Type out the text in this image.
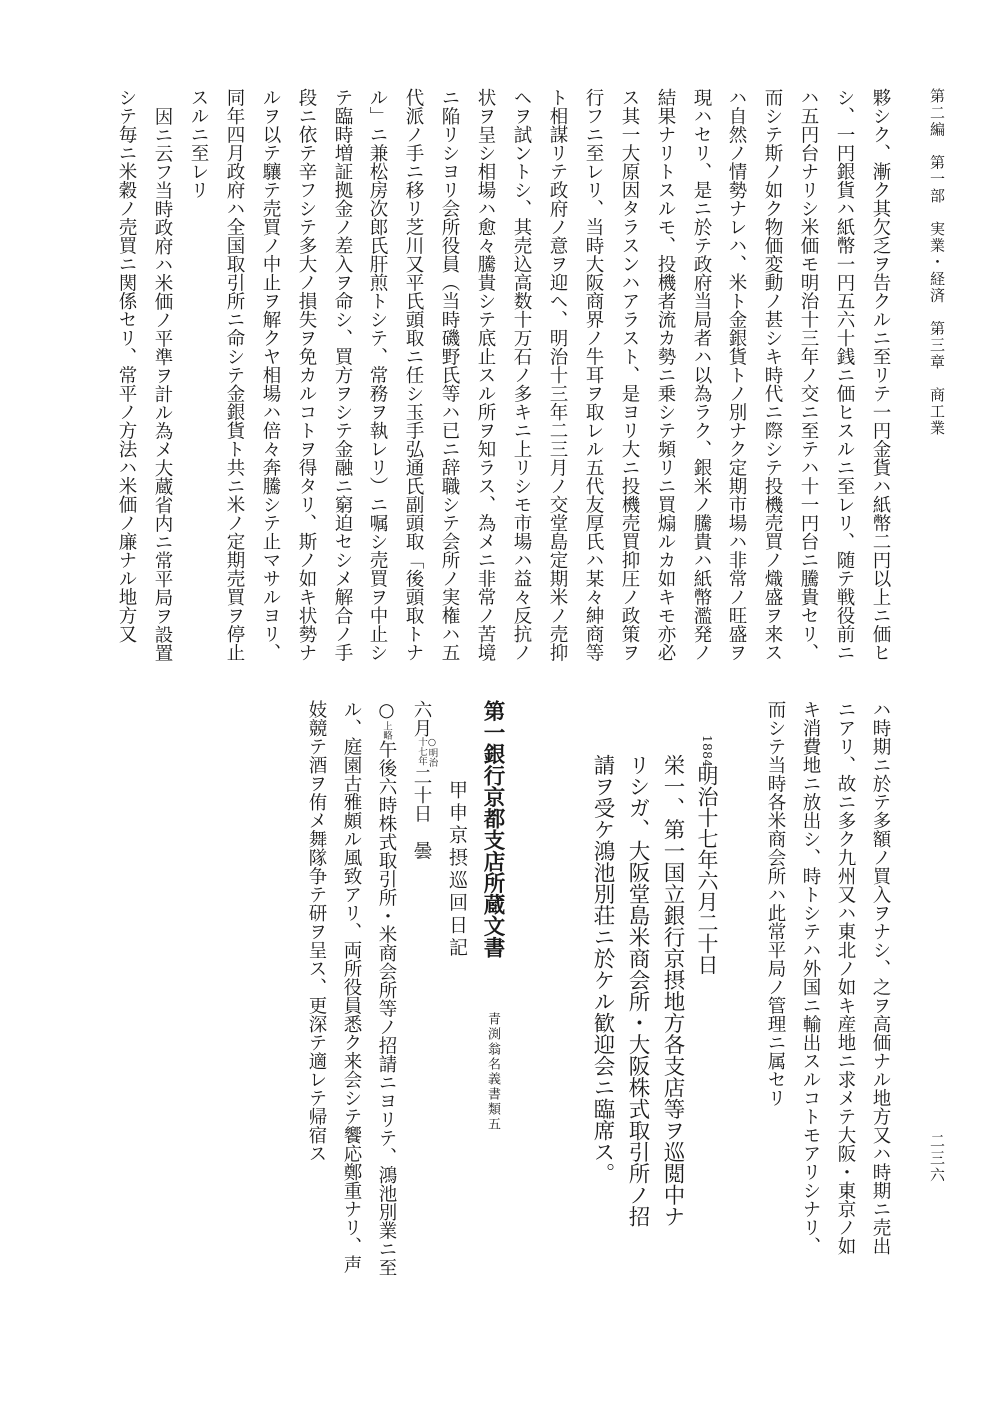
第二編　第一部　実業・経済　第三章　商工業
二三六
夥シク、漸ク其欠乏ヲ告クルニ至リテ一円金貨ハ紙幣二円以上ニ価ヒ
シ、一円銀貨ハ紙幣一円五六十銭ニ価ヒスルニ至レリ、随テ戦役前ニ
ハ五円台ナリシ米価モ明治十三年ノ交ニ至テハ十一円台ニ騰貴セリ、
而シテ斯ノ如ク物価変動ノ甚シキ時代ニ際シテ投機売買ノ熾盛ヲ来ス
ハ自然ノ情勢ナレハ、米ト金銀貨トノ別ナク定期市場ハ非常ノ旺盛ヲ
現ハセリ、是ニ於テ政府当局者ハ以為ラク、銀米ノ騰貴ハ紙幣濫発ノ
結果ナリトスルモ、投機者流カ勢ニ乗シテ頻リニ買煽ルカ如キモ亦必
ス其一大原因タラスンハアラスト、是ヨリ大ニ投機売買抑圧ノ政策ヲ
行フニ至レリ、当時大阪商界ノ牛耳ヲ取レル五代友厚氏ハ某々紳商等
ト相謀リテ政府ノ意ヲ迎ヘ、明治十三年二三月ノ交堂島定期米ノ売抑
ヘヲ試ントシ、其売込高数十万石ノ多キニ上リシモ市場ハ益々反抗ノ
状ヲ呈シ相場ハ愈々騰貴シテ底止スル所ヲ知ラス、為メニ非常ノ苦境
ニ陥リシヨリ会所役員（当時磯野氏等ハ已ニ辞職シテ会所ノ実権ハ五
代派ノ手ニ移リ芝川又平氏頭取ニ任シ玉手弘通氏副頭取「後頭取トナ
ル」ニ兼松房次郎氏肝煎トシテ、常務ヲ執レリ）ニ嘱シ売買ヲ中止シ
テ臨時増証拠金ノ差入ヲ命シ、買方ヲシテ金融ニ窮迫セシメ解合ノ手
段ニ依テ辛フシテ多大ノ損失ヲ免カルコトヲ得タリ、斯ノ如キ状勢ナ
ルヲ以テ驤テ売買ノ中止ヲ解クヤ相場ハ倍々奔騰シテ止マサルヨリ、
同年四月政府ハ全国取引所ニ命シテ金銀貨ト共ニ米ノ定期売買ヲ停止
スルニ至レリ
因ニ云フ当時政府ハ米価ノ平準ヲ計ル為メ大蔵省内ニ常平局ヲ設置
シテ毎ニ米穀ノ売買ニ関係セリ、常平ノ方法ハ米価ノ廉ナル地方又
ハ時期ニ於テ多額ノ買入ヲナシ、之ヲ高価ナル地方又ハ時期ニ売出
ニアリ、故ニ多ク九州又ハ東北ノ如キ産地ニ求メテ大阪・東京ノ如
キ消費地ニ放出シ、時トシテハ外国ニ輸出スルコトモアリシナリ、
而シテ当時各米商会所ハ此常平局ノ管理ニ属セリ
1884
明治十七年六月二十日
栄一、第一国立銀行京摂地方各支店等ヲ巡閲中ナ
リシガ、大阪堂島米商会所・大阪株式取引所ノ招
請ヲ受ケ鴻池別荘ニ於ケル歓迎会ニ臨席ス。
第一銀行京都支店所蔵文書
青渕翁名義書類五
甲申京摂巡回日記
六月
○明治
十七年
二十日　曇
○上略午後六時株式取引所・米商会所等ノ招請ニヨリテ、鴻池別業ニ至
ル、庭園古雅頗ル風致アリ、両所役員悉ク来会シテ饗応鄭重ナリ、声
妓競テ酒ヲ侑メ舞隊争テ研ヲ呈ス、更深テ適レテ帰宿ス
